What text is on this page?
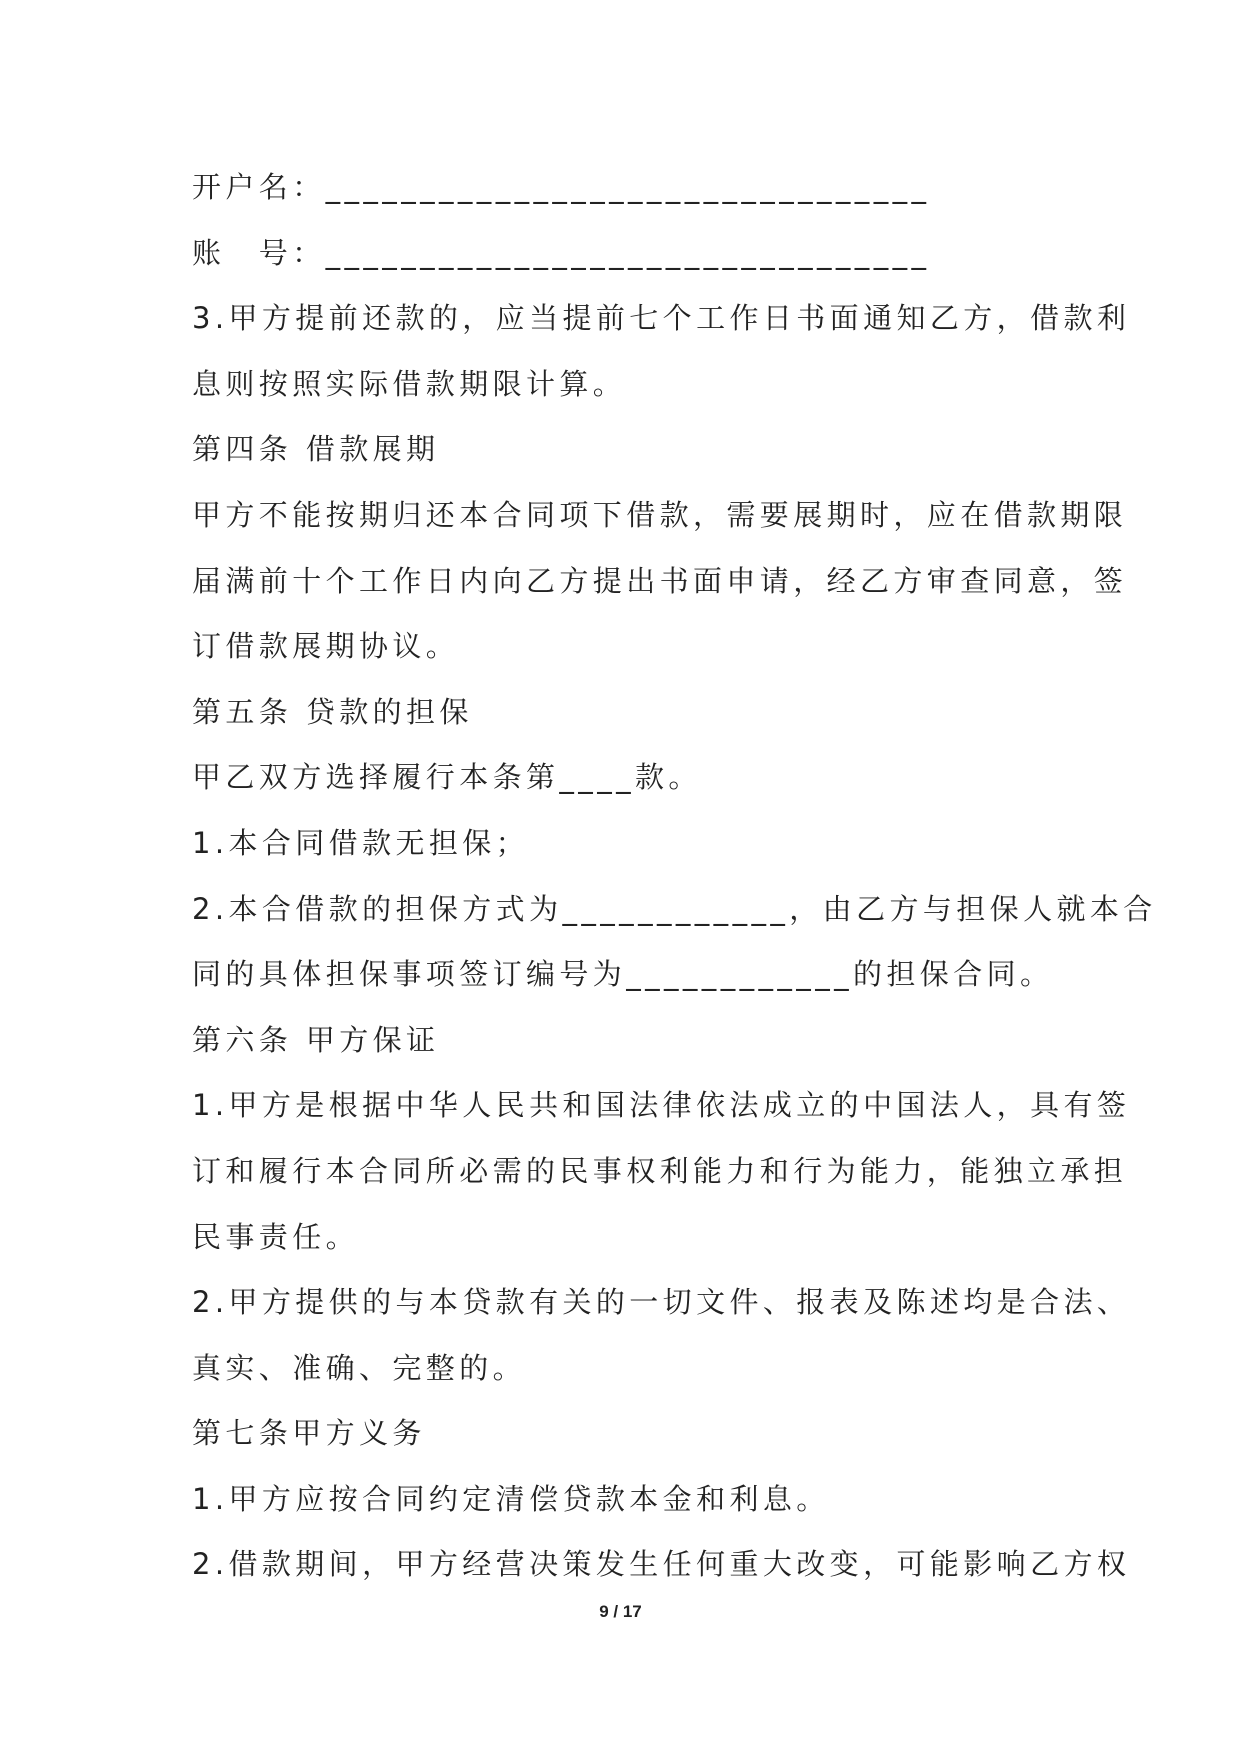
开户名：________________________________
账　号：________________________________
3.甲方提前还款的，应当提前七个工作日书面通知乙方，借款利
息则按照实际借款期限计算。
第四条 借款展期
甲方不能按期归还本合同项下借款，需要展期时，应在借款期限
届满前十个工作日内向乙方提出书面申请，经乙方审查同意，签
订借款展期协议。
第五条 贷款的担保
甲乙双方选择履行本条第____款。
1.本合同借款无担保；
2.本合借款的担保方式为____________，由乙方与担保人就本合
同的具体担保事项签订编号为____________的担保合同。
第六条 甲方保证
1.甲方是根据中华人民共和国法律依法成立的中国法人，具有签
订和履行本合同所必需的民事权利能力和行为能力，能独立承担
民事责任。
2.甲方提供的与本贷款有关的一切文件、报表及陈述均是合法、
真实、准确、完整的。
第七条甲方义务
1.甲方应按合同约定清偿贷款本金和利息。
2.借款期间，甲方经营决策发生任何重大改变，可能影响乙方权
9 / 17
